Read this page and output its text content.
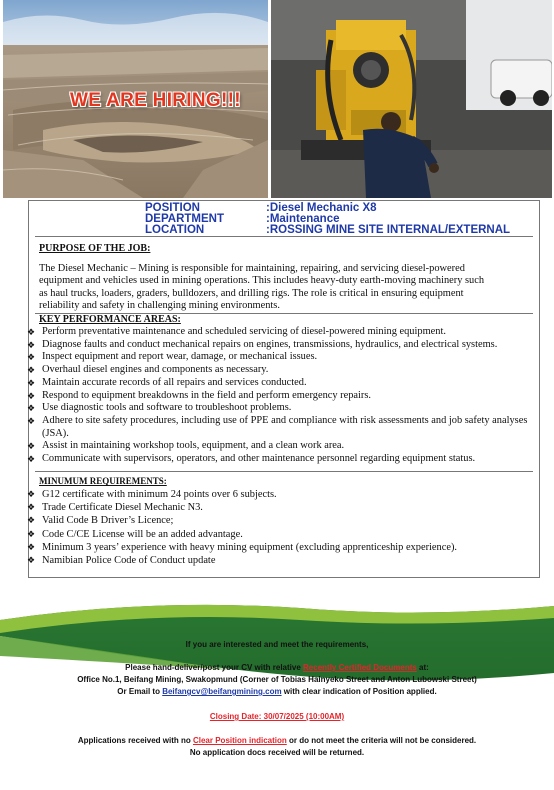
WE ARE HIRING!!!
POSITION	:Diesel Mechanic X8
DEPARTMENT	:Maintenance
LOCATION	:ROSSING MINE SITE INTERNAL/EXTERNAL
PURPOSE OF THE JOB:
The Diesel Mechanic – Mining is responsible for maintaining, repairing, and servicing diesel-powered
equipment and vehicles used in mining operations. This includes heavy-duty earth-moving machinery such
as haul trucks, loaders, graders, bulldozers, and drilling rigs. The role is critical in ensuring equipment
reliability and safety in challenging mining environments.
KEY PERFORMANCE AREAS:
❖ Perform preventative maintenance and scheduled servicing of diesel-powered mining equipment.
❖ Diagnose faults and conduct mechanical repairs on engines, transmissions, hydraulics, and electrical systems.
❖ Inspect equipment and report wear, damage, or mechanical issues.
❖ Overhaul diesel engines and components as necessary.
❖ Maintain accurate records of all repairs and services conducted.
❖ Respond to equipment breakdowns in the field and perform emergency repairs.
❖ Use diagnostic tools and software to troubleshoot problems.
❖ Adhere to site safety procedures, including use of PPE and compliance with risk assessments and job safety analyses (JSA).
❖ Assist in maintaining workshop tools, equipment, and a clean work area.
❖ Communicate with supervisors, operators, and other maintenance personnel regarding equipment status.
MINUMUM REQUIREMENTS:
❖ G12 certificate with minimum 24 points over 6 subjects.
❖ Trade Certificate Diesel Mechanic N3.
❖ Valid Code B Driver’s Licence;
❖ Code C/CE License will be an added advantage.
❖ Minimum 3 years’ experience with heavy mining equipment (excluding apprenticeship experience).
❖ Namibian Police Code of Conduct update
If you are interested and meet the requirements,
Please hand-deliver/post your CV with relative Recently Certified Documents at:
Office No.1, Beifang Mining, Swakopmund (Corner of Tobias Hainyeko Street and Anton Lubowski Street)
Or Email to Beifangcv@beifangmining.com with clear indication of Position applied.
Closing Date: 30/07/2025 (10:00AM)
Applications received with no Clear Position indication or do not meet the criteria will not be considered.
No application docs received will be returned.
